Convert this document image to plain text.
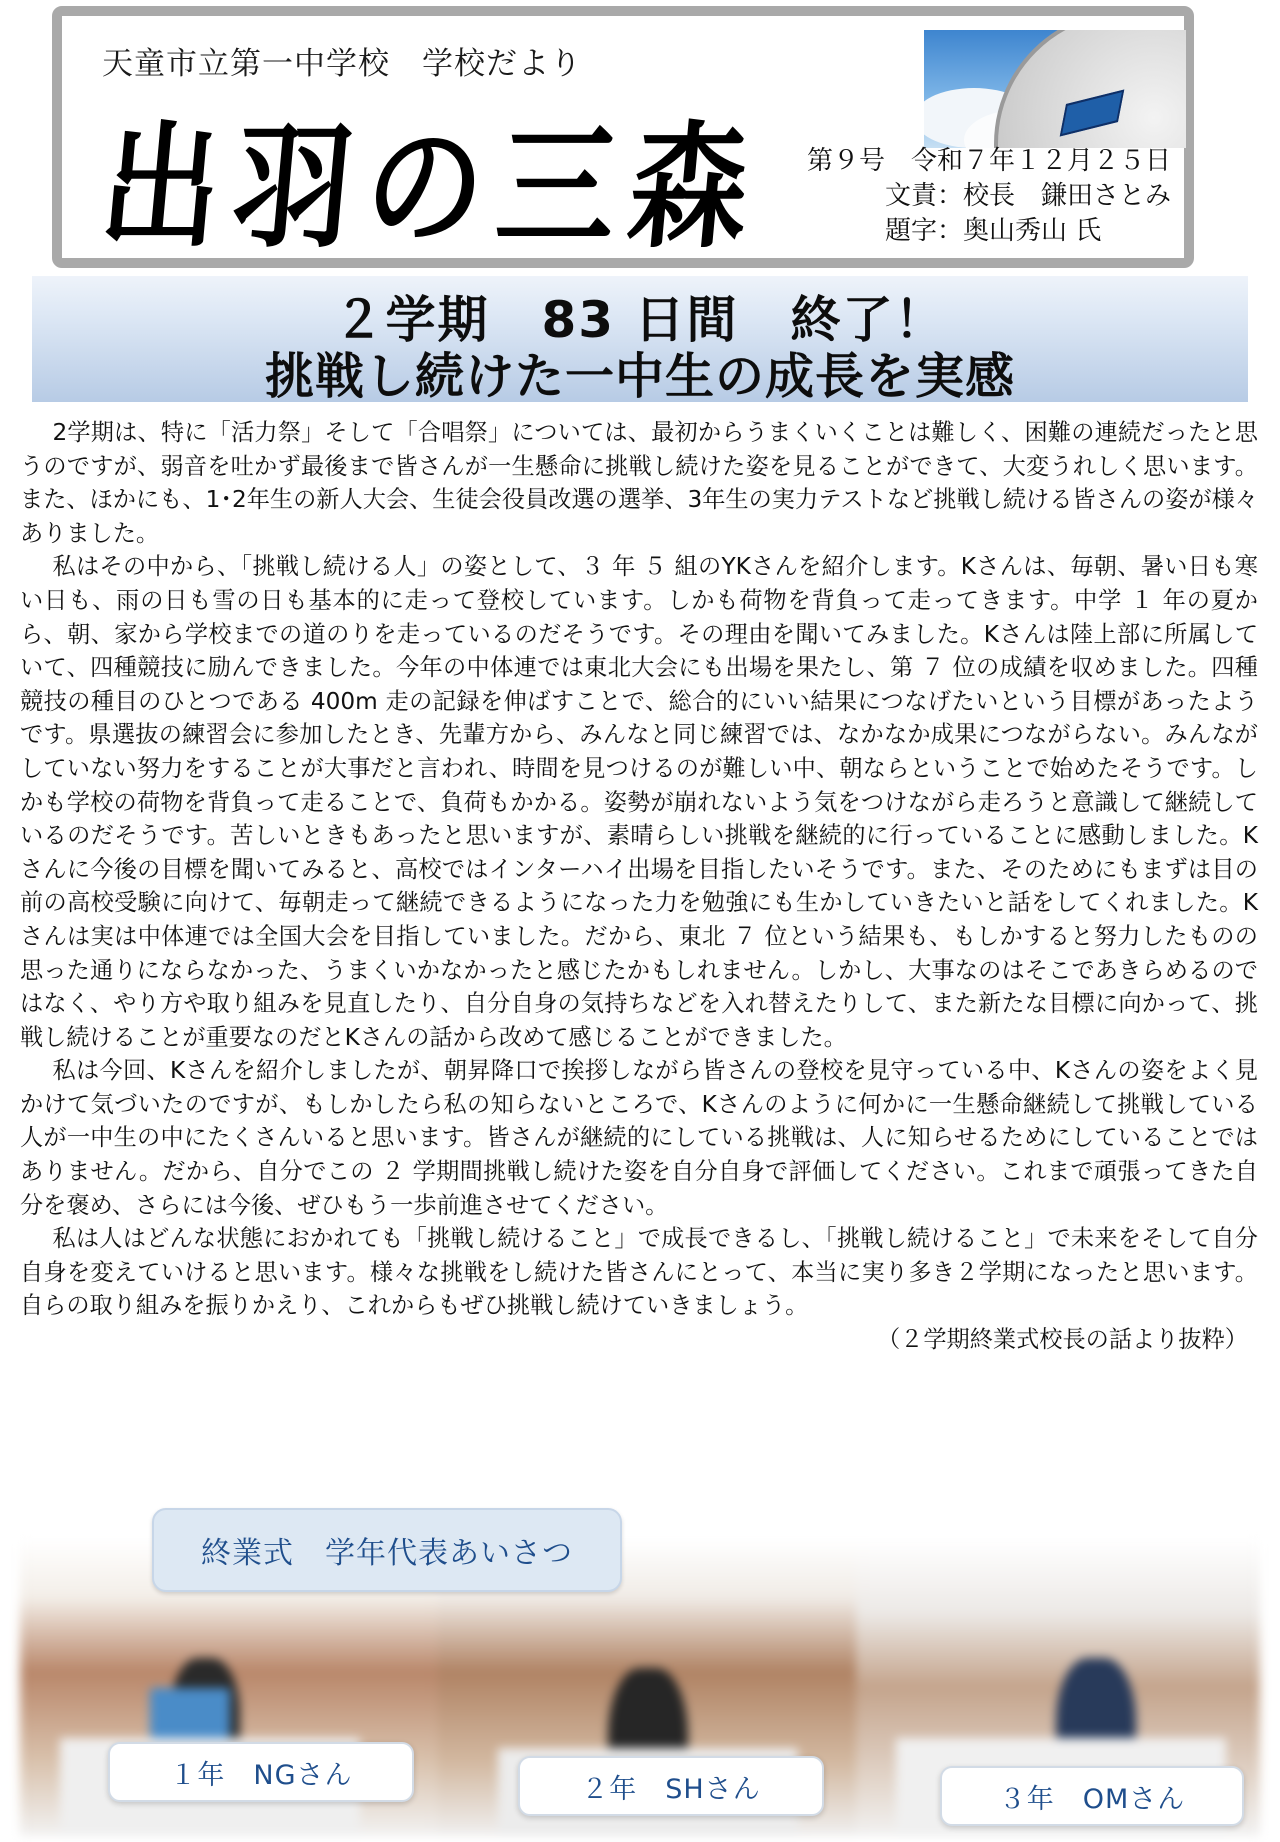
天童市立第一中学校　学校だより
出羽の三森 第９号　令和７年１２月２５日
文責：校長　鎌田さとみ
題字：奥山秀山 氏
２学期　83 日間　終了！
挑戦し続けた一中生の成長を実感

2学期は、特に「活力祭」そして「合唱祭」については、最初からうまくいくことは難しく、困難の連続だったと思うのですが、弱音を吐かず最後まで皆さんが一生懸命に挑戦し続けた姿を見ることができて、大変うれしく思います。また、ほかにも、1･2年生の新人大会、生徒会役員改選の選挙、3年生の実力テストなど挑戦し続ける皆さんの姿が様々ありました。

私はその中から、「挑戦し続ける人」の姿として、３ 年 ５ 組のYKさんを紹介します。Kさんは、毎朝、暑い日も寒い日も、雨の日も雪の日も基本的に走って登校しています。しかも荷物を背負って走ってきます。中学 １ 年の夏から、朝、家から学校までの道のりを走っているのだそうです。その理由を聞いてみました。Kさんは陸上部に所属していて、四種競技に励んできました。今年の中体連では東北大会にも出場を果たし、第 ７ 位の成績を収めました。四種競技の種目のひとつである 400m 走の記録を伸ばすことで、総合的にいい結果につなげたいという目標があったようです。県選抜の練習会に参加したとき、先輩方から、みんなと同じ練習では、なかなか成果につながらない。みんながしていない努力をすることが大事だと言われ、時間を見つけるのが難しい中、朝ならということで始めたそうです。しかも学校の荷物を背負って走ることで、負荷もかかる。姿勢が崩れないよう気をつけながら走ろうと意識して継続しているのだそうです。苦しいときもあったと思いますが、素晴らしい挑戦を継続的に行っていることに感動しました。Kさんに今後の目標を聞いてみると、高校ではインターハイ出場を目指したいそうです。また、そのためにもまずは目の前の高校受験に向けて、毎朝走って継続できるようになった力を勉強にも生かしていきたいと話をしてくれました。Kさんは実は中体連では全国大会を目指していました。だから、東北 ７ 位という結果も、もしかすると努力したものの思った通りにならなかった、うまくいかなかったと感じたかもしれません。しかし、大事なのはそこであきらめるのではなく、やり方や取り組みを見直したり、自分自身の気持ちなどを入れ替えたりして、また新たな目標に向かって、挑戦し続けることが重要なのだとKさんの話から改めて感じることができました。

私は今回、Kさんを紹介しましたが、朝昇降口で挨拶しながら皆さんの登校を見守っている中、Kさんの姿をよく見かけて気づいたのですが、もしかしたら私の知らないところで、Kさんのように何かに一生懸命継続して挑戦している人が一中生の中にたくさんいると思います。皆さんが継続的にしている挑戦は、人に知らせるためにしていることではありません。だから、自分でこの ２ 学期間挑戦し続けた姿を自分自身で評価してください。これまで頑張ってきた自分を褒め、さらには今後、ぜひもう一歩前進させてください。

私は人はどんな状態におかれても「挑戦し続けること」で成長できるし、「挑戦し続けること」で未来をそして自分自身を変えていけると思います。様々な挑戦をし続けた皆さんにとって、本当に実り多き２学期になったと思います。自らの取り組みを振りかえり、これからもぜひ挑戦し続けていきましょう。

（２学期終業式校長の話より抜粋）

終業式　学年代表あいさつ
１年　NGさん	２年　SHさん	３年　OMさん
